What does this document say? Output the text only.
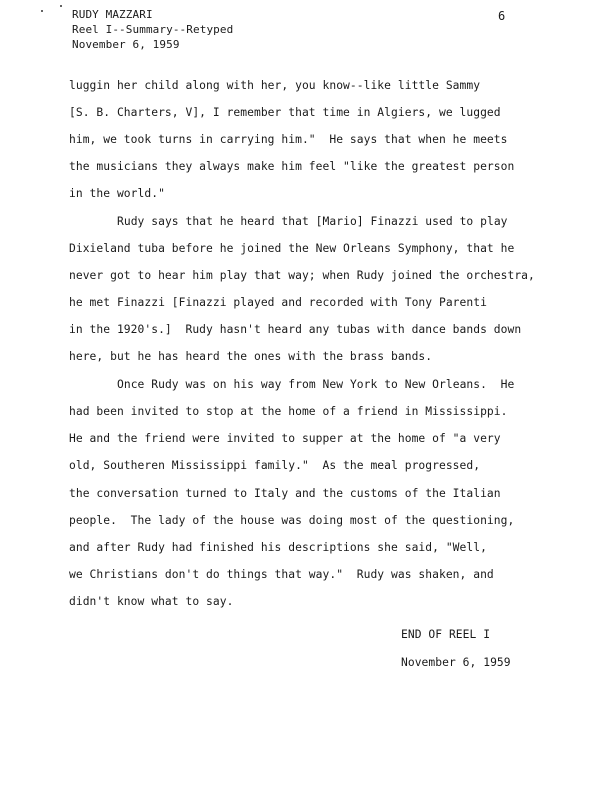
RUDY MAZZARI
Reel I--Summary--Retyped
November 6, 1959
6
luggin her child along with her, you know--like little Sammy
[S. B. Charters, V], I remember that time in Algiers, we lugged
him, we took turns in carrying him."  He says that when he meets
the musicians they always make him feel "like the greatest person
in the world."
Rudy says that he heard that [Mario] Finazzi used to play
Dixieland tuba before he joined the New Orleans Symphony, that he
never got to hear him play that way; when Rudy joined the orchestra,
he met Finazzi [Finazzi played and recorded with Tony Parenti
in the 1920's.]  Rudy hasn't heard any tubas with dance bands down
here, but he has heard the ones with the brass bands.
Once Rudy was on his way from New York to New Orleans.  He
had been invited to stop at the home of a friend in Mississippi.
He and the friend were invited to supper at the home of "a very
old, Southeren Mississippi family."  As the meal progressed,
the conversation turned to Italy and the customs of the Italian
people.  The lady of the house was doing most of the questioning,
and after Rudy had finished his descriptions she said, "Well,
we Christians don't do things that way."  Rudy was shaken, and
didn't know what to say.
END OF REEL I
November 6, 1959
